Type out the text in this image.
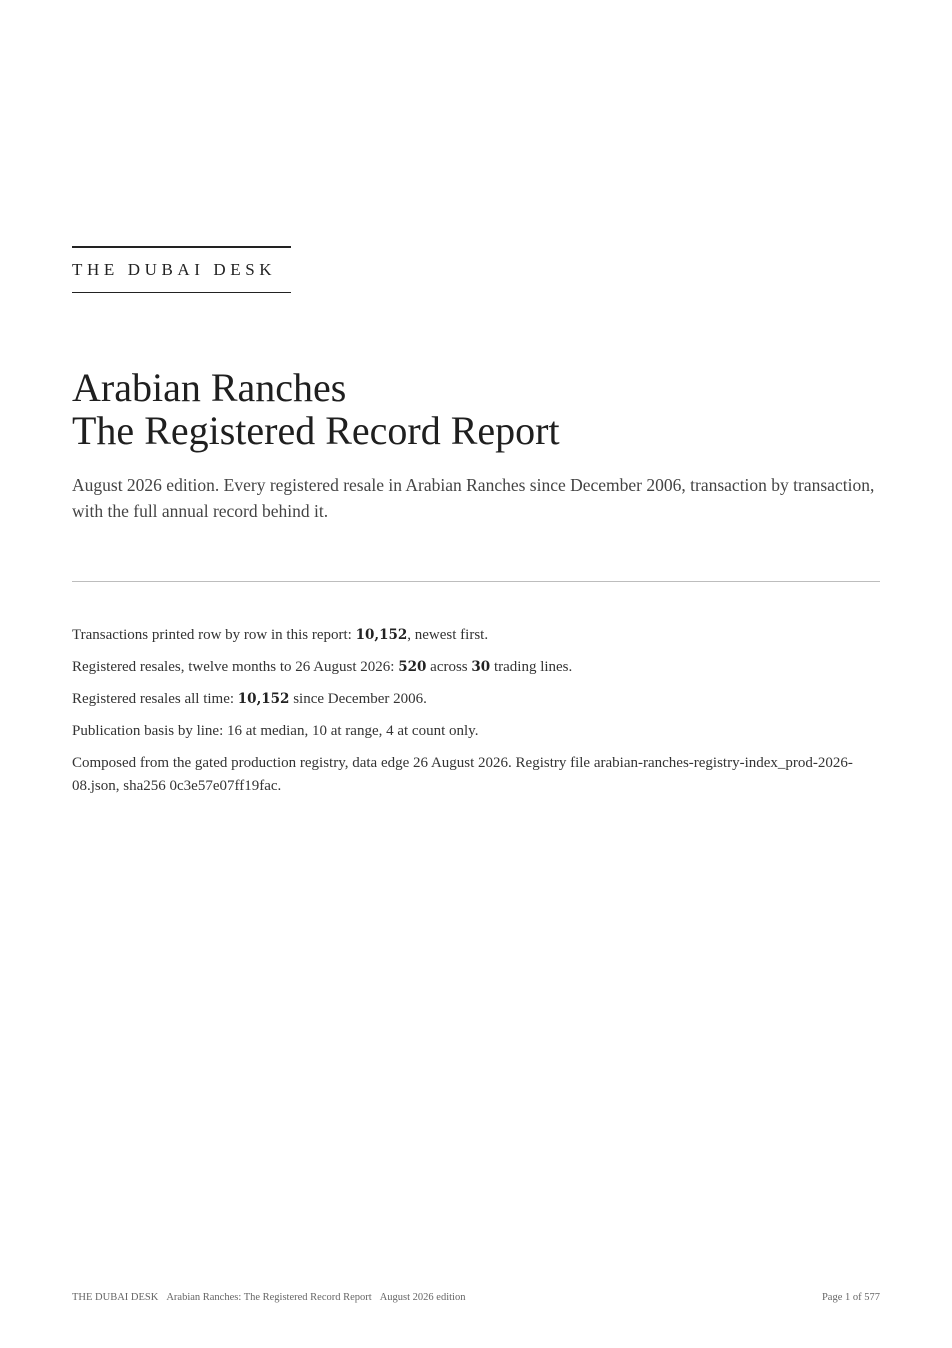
THE DUBAI DESK
Arabian Ranches
The Registered Record Report

August 2026 edition. Every registered resale in Arabian Ranches since December 2006, transaction by transaction, with the full annual record behind it.

Transactions printed row by row in this report: 10,152, newest first.

Registered resales, twelve months to 26 August 2026: 520 across 30 trading lines.

Registered resales all time: 10,152 since December 2006.

Publication basis by line: 16 at median, 10 at range, 4 at count only.

Composed from the gated production registry, data edge 26 August 2026. Registry file arabian-ranches-registry-index_prod-2026-08.json, sha256 0c3e57e07ff19fac.

THE DUBAI DESK Arabian Ranches: The Registered Record Report August 2026 edition	Page 1 of 577
